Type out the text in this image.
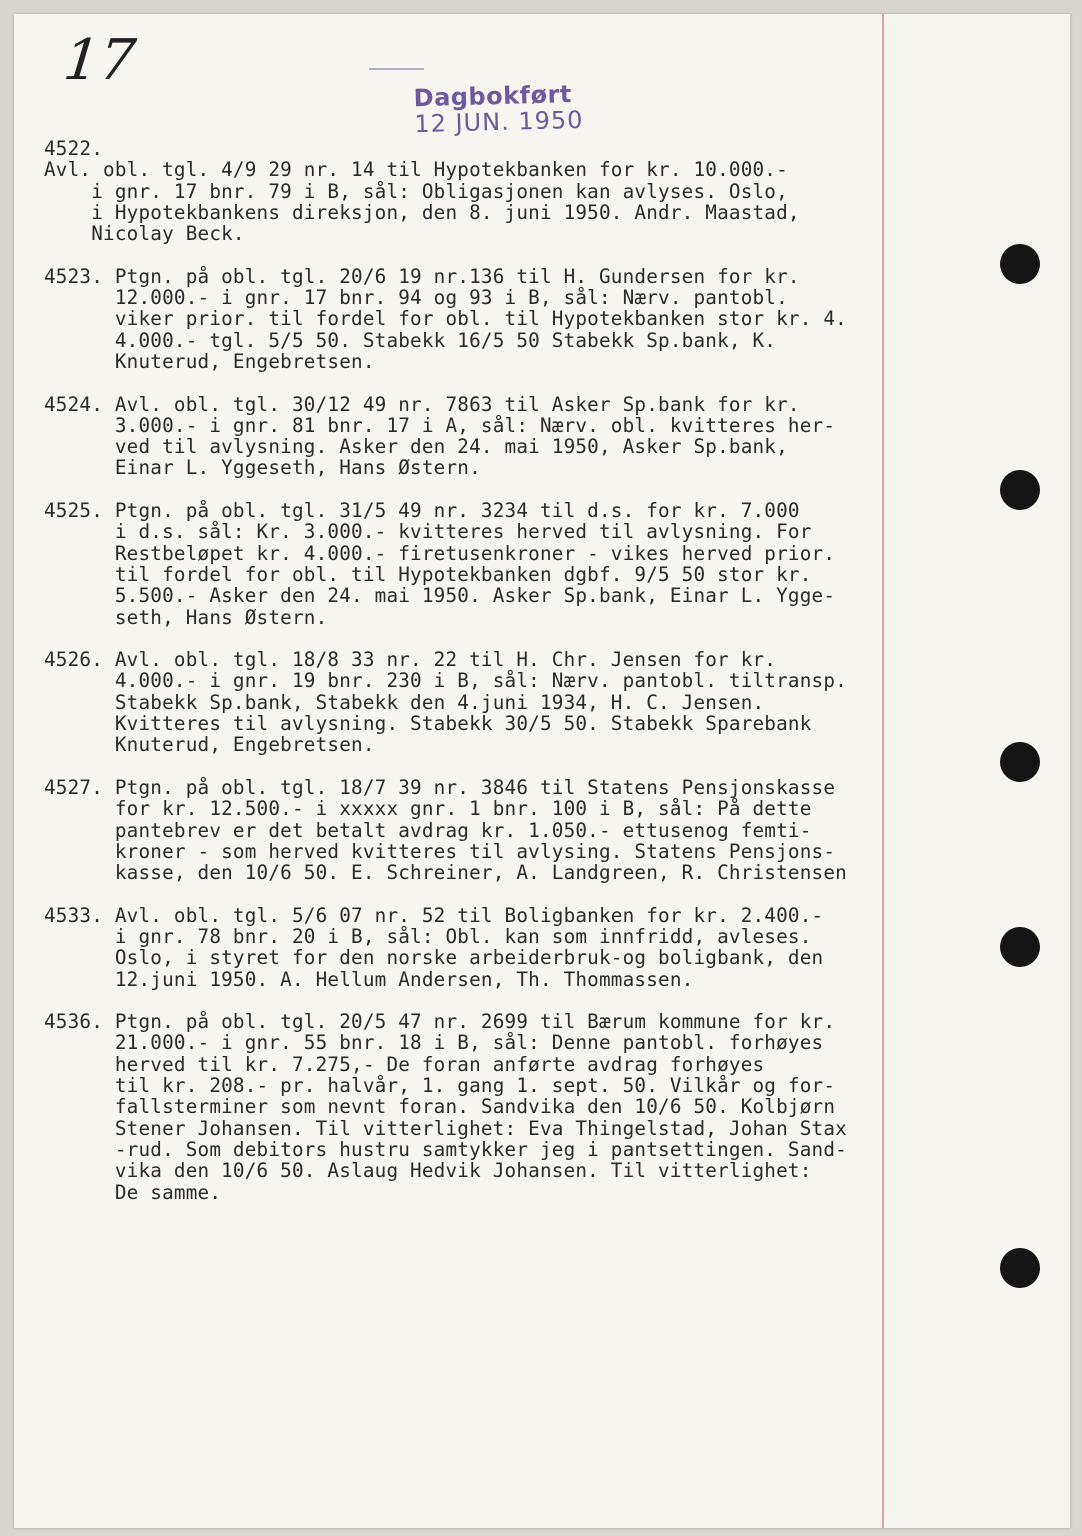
17
Dagbokført
12 JUN. 1950
4522.
Avl. obl. tgl. 4/9 29 nr. 14 til Hypotekbanken for kr. 10.000.-
i gnr. 17 bnr. 79 i B, sål: Obligasjonen kan avlyses. Oslo,
i Hypotekbankens direksjon, den 8. juni 1950. Andr. Maastad,
Nicolay Beck.
4523. Ptgn. på obl. tgl. 20/6 19 nr.136 til H. Gundersen for kr.
12.000.- i gnr. 17 bnr. 94 og 93 i B, sål: Nærv. pantobl.
viker prior. til fordel for obl. til Hypotekbanken stor kr. 4.
4.000.- tgl. 5/5 50. Stabekk 16/5 50 Stabekk Sp.bank, K.
Knuterud, Engebretsen.
4524. Avl. obl. tgl. 30/12 49 nr. 7863 til Asker Sp.bank for kr.
3.000.- i gnr. 81 bnr. 17 i A, sål: Nærv. obl. kvitteres her-
ved til avlysning. Asker den 24. mai 1950, Asker Sp.bank,
Einar L. Yggeseth, Hans Østern.
4525. Ptgn. på obl. tgl. 31/5 49 nr. 3234 til d.s. for kr. 7.000
i d.s. sål: Kr. 3.000.- kvitteres herved til avlysning. For
Restbeløpet kr. 4.000.- firetusenkroner - vikes herved prior.
til fordel for obl. til Hypotekbanken dgbf. 9/5 50 stor kr.
5.500.- Asker den 24. mai 1950. Asker Sp.bank, Einar L. Ygge-
seth, Hans Østern.
4526. Avl. obl. tgl. 18/8 33 nr. 22 til H. Chr. Jensen for kr.
4.000.- i gnr. 19 bnr. 230 i B, sål: Nærv. pantobl. tiltransp.
Stabekk Sp.bank, Stabekk den 4.juni 1934, H. C. Jensen.
Kvitteres til avlysning. Stabekk 30/5 50. Stabekk Sparebank
Knuterud, Engebretsen.
4527. Ptgn. på obl. tgl. 18/7 39 nr. 3846 til Statens Pensjonskasse
for kr. 12.500.- i xxxxx gnr. 1 bnr. 100 i B, sål: På dette
pantebrev er det betalt avdrag kr. 1.050.- ettusenog femti-
kroner - som herved kvitteres til avlysing. Statens Pensjons-
kasse, den 10/6 50. E. Schreiner, A. Landgreen, R. Christensen
4533. Avl. obl. tgl. 5/6 07 nr. 52 til Boligbanken for kr. 2.400.-
i gnr. 78 bnr. 20 i B, sål: Obl. kan som innfridd, avleses.
Oslo, i styret for den norske arbeiderbruk-og boligbank, den
12.juni 1950. A. Hellum Andersen, Th. Thommassen.
4536. Ptgn. på obl. tgl. 20/5 47 nr. 2699 til Bærum kommune for kr.
21.000.- i gnr. 55 bnr. 18 i B, sål: Denne pantobl. forhøyes
herved til kr. 7.275,- De foran anførte avdrag forhøyes
til kr. 208.- pr. halvår, 1. gang 1. sept. 50. Vilkår og for-
fallsterminer som nevnt foran. Sandvika den 10/6 50. Kolbjørn
Stener Johansen. Til vitterlighet: Eva Thingelstad, Johan Stax
-rud. Som debitors hustru samtykker jeg i pantsettingen. Sand-
vika den 10/6 50. Aslaug Hedvik Johansen. Til vitterlighet:
De samme.
